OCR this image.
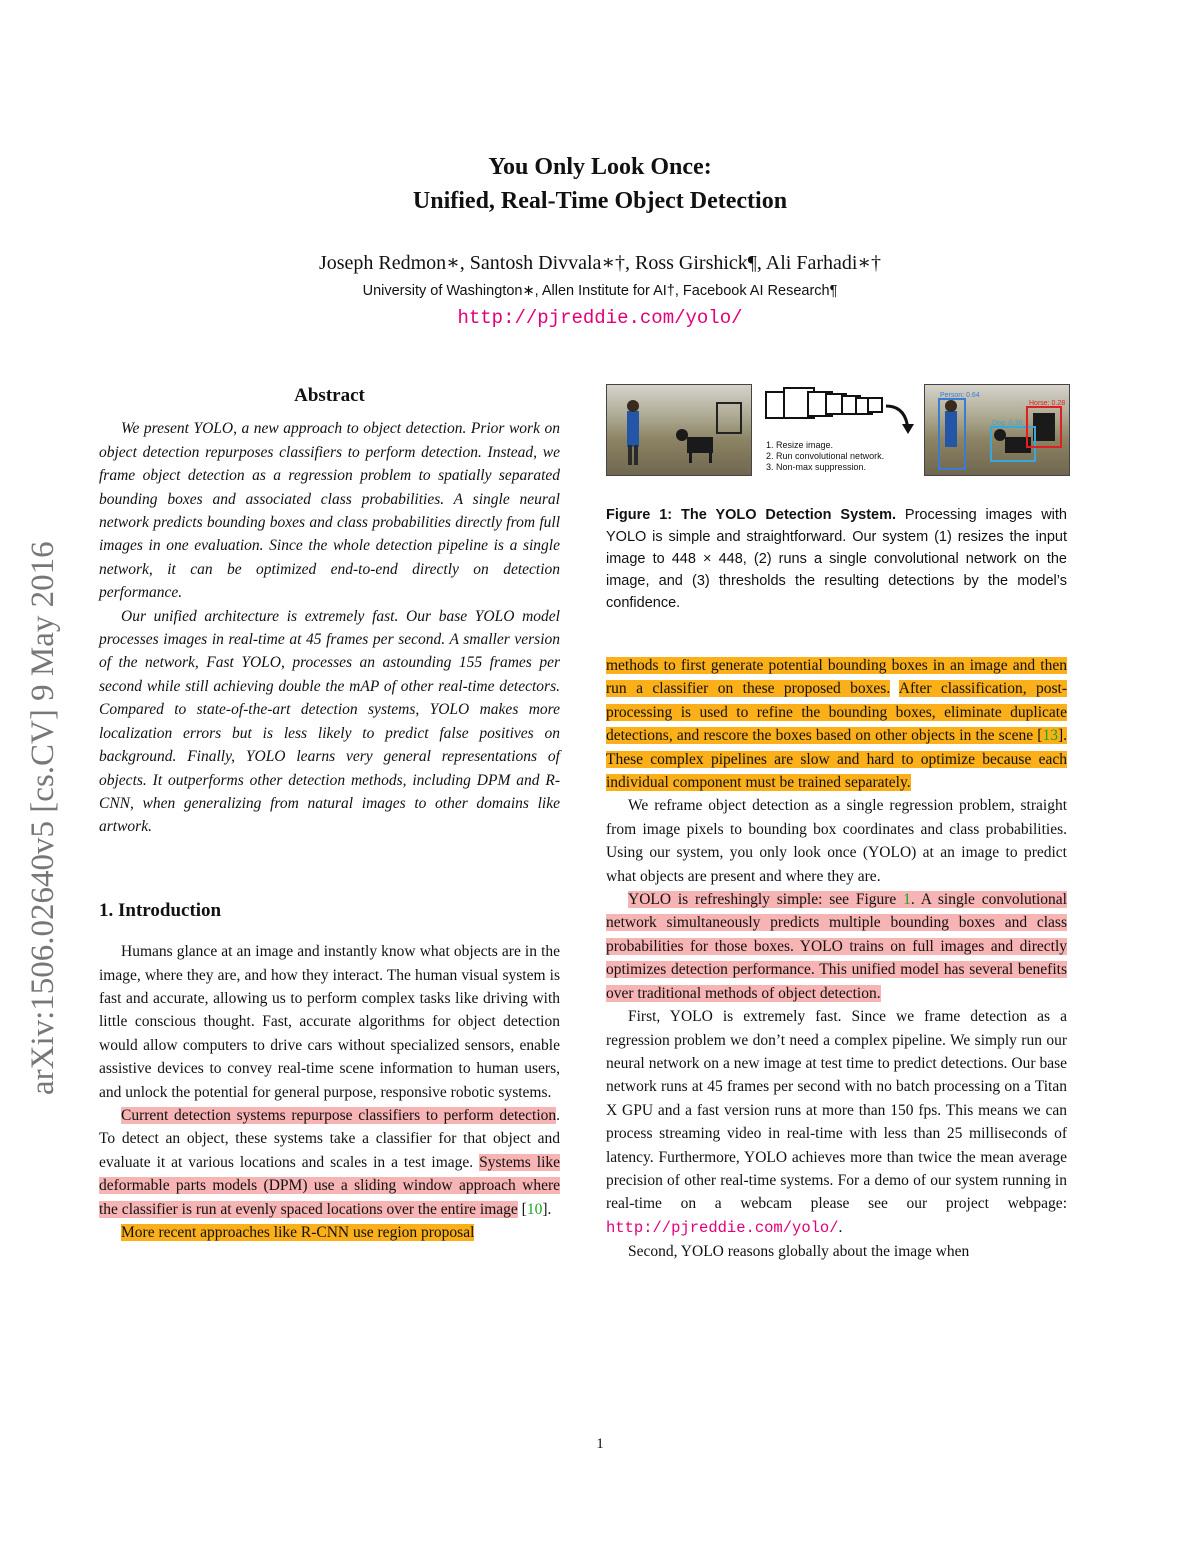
You Only Look Once:
Unified, Real-Time Object Detection
Joseph Redmon∗, Santosh Divvala∗†, Ross Girshick¶, Ali Farhadi∗†
University of Washington∗, Allen Institute for AI†, Facebook AI Research¶
http://pjreddie.com/yolo/
arXiv:1506.02640v5 [cs.CV] 9 May 2016
Abstract

We present YOLO, a new approach to object detection. Prior work on object detection repurposes classifiers to perform detection. Instead, we frame object detection as a regression problem to spatially separated bounding boxes and associated class probabilities. A single neural network predicts bounding boxes and class probabilities directly from full images in one evaluation. Since the whole detection pipeline is a single network, it can be optimized end-to-end directly on detection performance.

Our unified architecture is extremely fast. Our base YOLO model processes images in real-time at 45 frames per second. A smaller version of the network, Fast YOLO, processes an astounding 155 frames per second while still achieving double the mAP of other real-time detectors. Compared to state-of-the-art detection systems, YOLO makes more localization errors but is less likely to predict false positives on background. Finally, YOLO learns very general representations of objects. It outperforms other detection methods, including DPM and R-CNN, when generalizing from natural images to other domains like artwork.

1. Introduction

Humans glance at an image and instantly know what objects are in the image, where they are, and how they interact. The human visual system is fast and accurate, allowing us to perform complex tasks like driving with little conscious thought. Fast, accurate algorithms for object detection would allow computers to drive cars without specialized sensors, enable assistive devices to convey real-time scene information to human users, and unlock the potential for general purpose, responsive robotic systems.

Current detection systems repurpose classifiers to perform detection. To detect an object, these systems take a classifier for that object and evaluate it at various locations and scales in a test image. Systems like deformable parts models (DPM) use a sliding window approach where the classifier is run at evenly spaced locations over the entire image [10].

More recent approaches like R-CNN use region proposal

1. Resize image.
2. Run convolutional network.
3. Non-max suppression.
Person: 0.64
Horse: 0.28
Dog: 0.30
Figure 1: The YOLO Detection System. Processing images with YOLO is simple and straightforward. Our system (1) resizes the input image to 448 × 448, (2) runs a single convolutional network on the image, and (3) thresholds the resulting detections by the model’s confidence.

methods to first generate potential bounding boxes in an image and then run a classifier on these proposed boxes. After classification, post-processing is used to refine the bounding boxes, eliminate duplicate detections, and rescore the boxes based on other objects in the scene [13]. These complex pipelines are slow and hard to optimize because each individual component must be trained separately.

We reframe object detection as a single regression problem, straight from image pixels to bounding box coordinates and class probabilities. Using our system, you only look once (YOLO) at an image to predict what objects are present and where they are.

YOLO is refreshingly simple: see Figure 1. A single convolutional network simultaneously predicts multiple bounding boxes and class probabilities for those boxes. YOLO trains on full images and directly optimizes detection performance. This unified model has several benefits over traditional methods of object detection.

First, YOLO is extremely fast. Since we frame detection as a regression problem we don’t need a complex pipeline. We simply run our neural network on a new image at test time to predict detections. Our base network runs at 45 frames per second with no batch processing on a Titan X GPU and a fast version runs at more than 150 fps. This means we can process streaming video in real-time with less than 25 milliseconds of latency. Furthermore, YOLO achieves more than twice the mean average precision of other real-time systems. For a demo of our system running in real-time on a webcam please see our project webpage: http://pjreddie.com/yolo/.

Second, YOLO reasons globally about the image when

1
